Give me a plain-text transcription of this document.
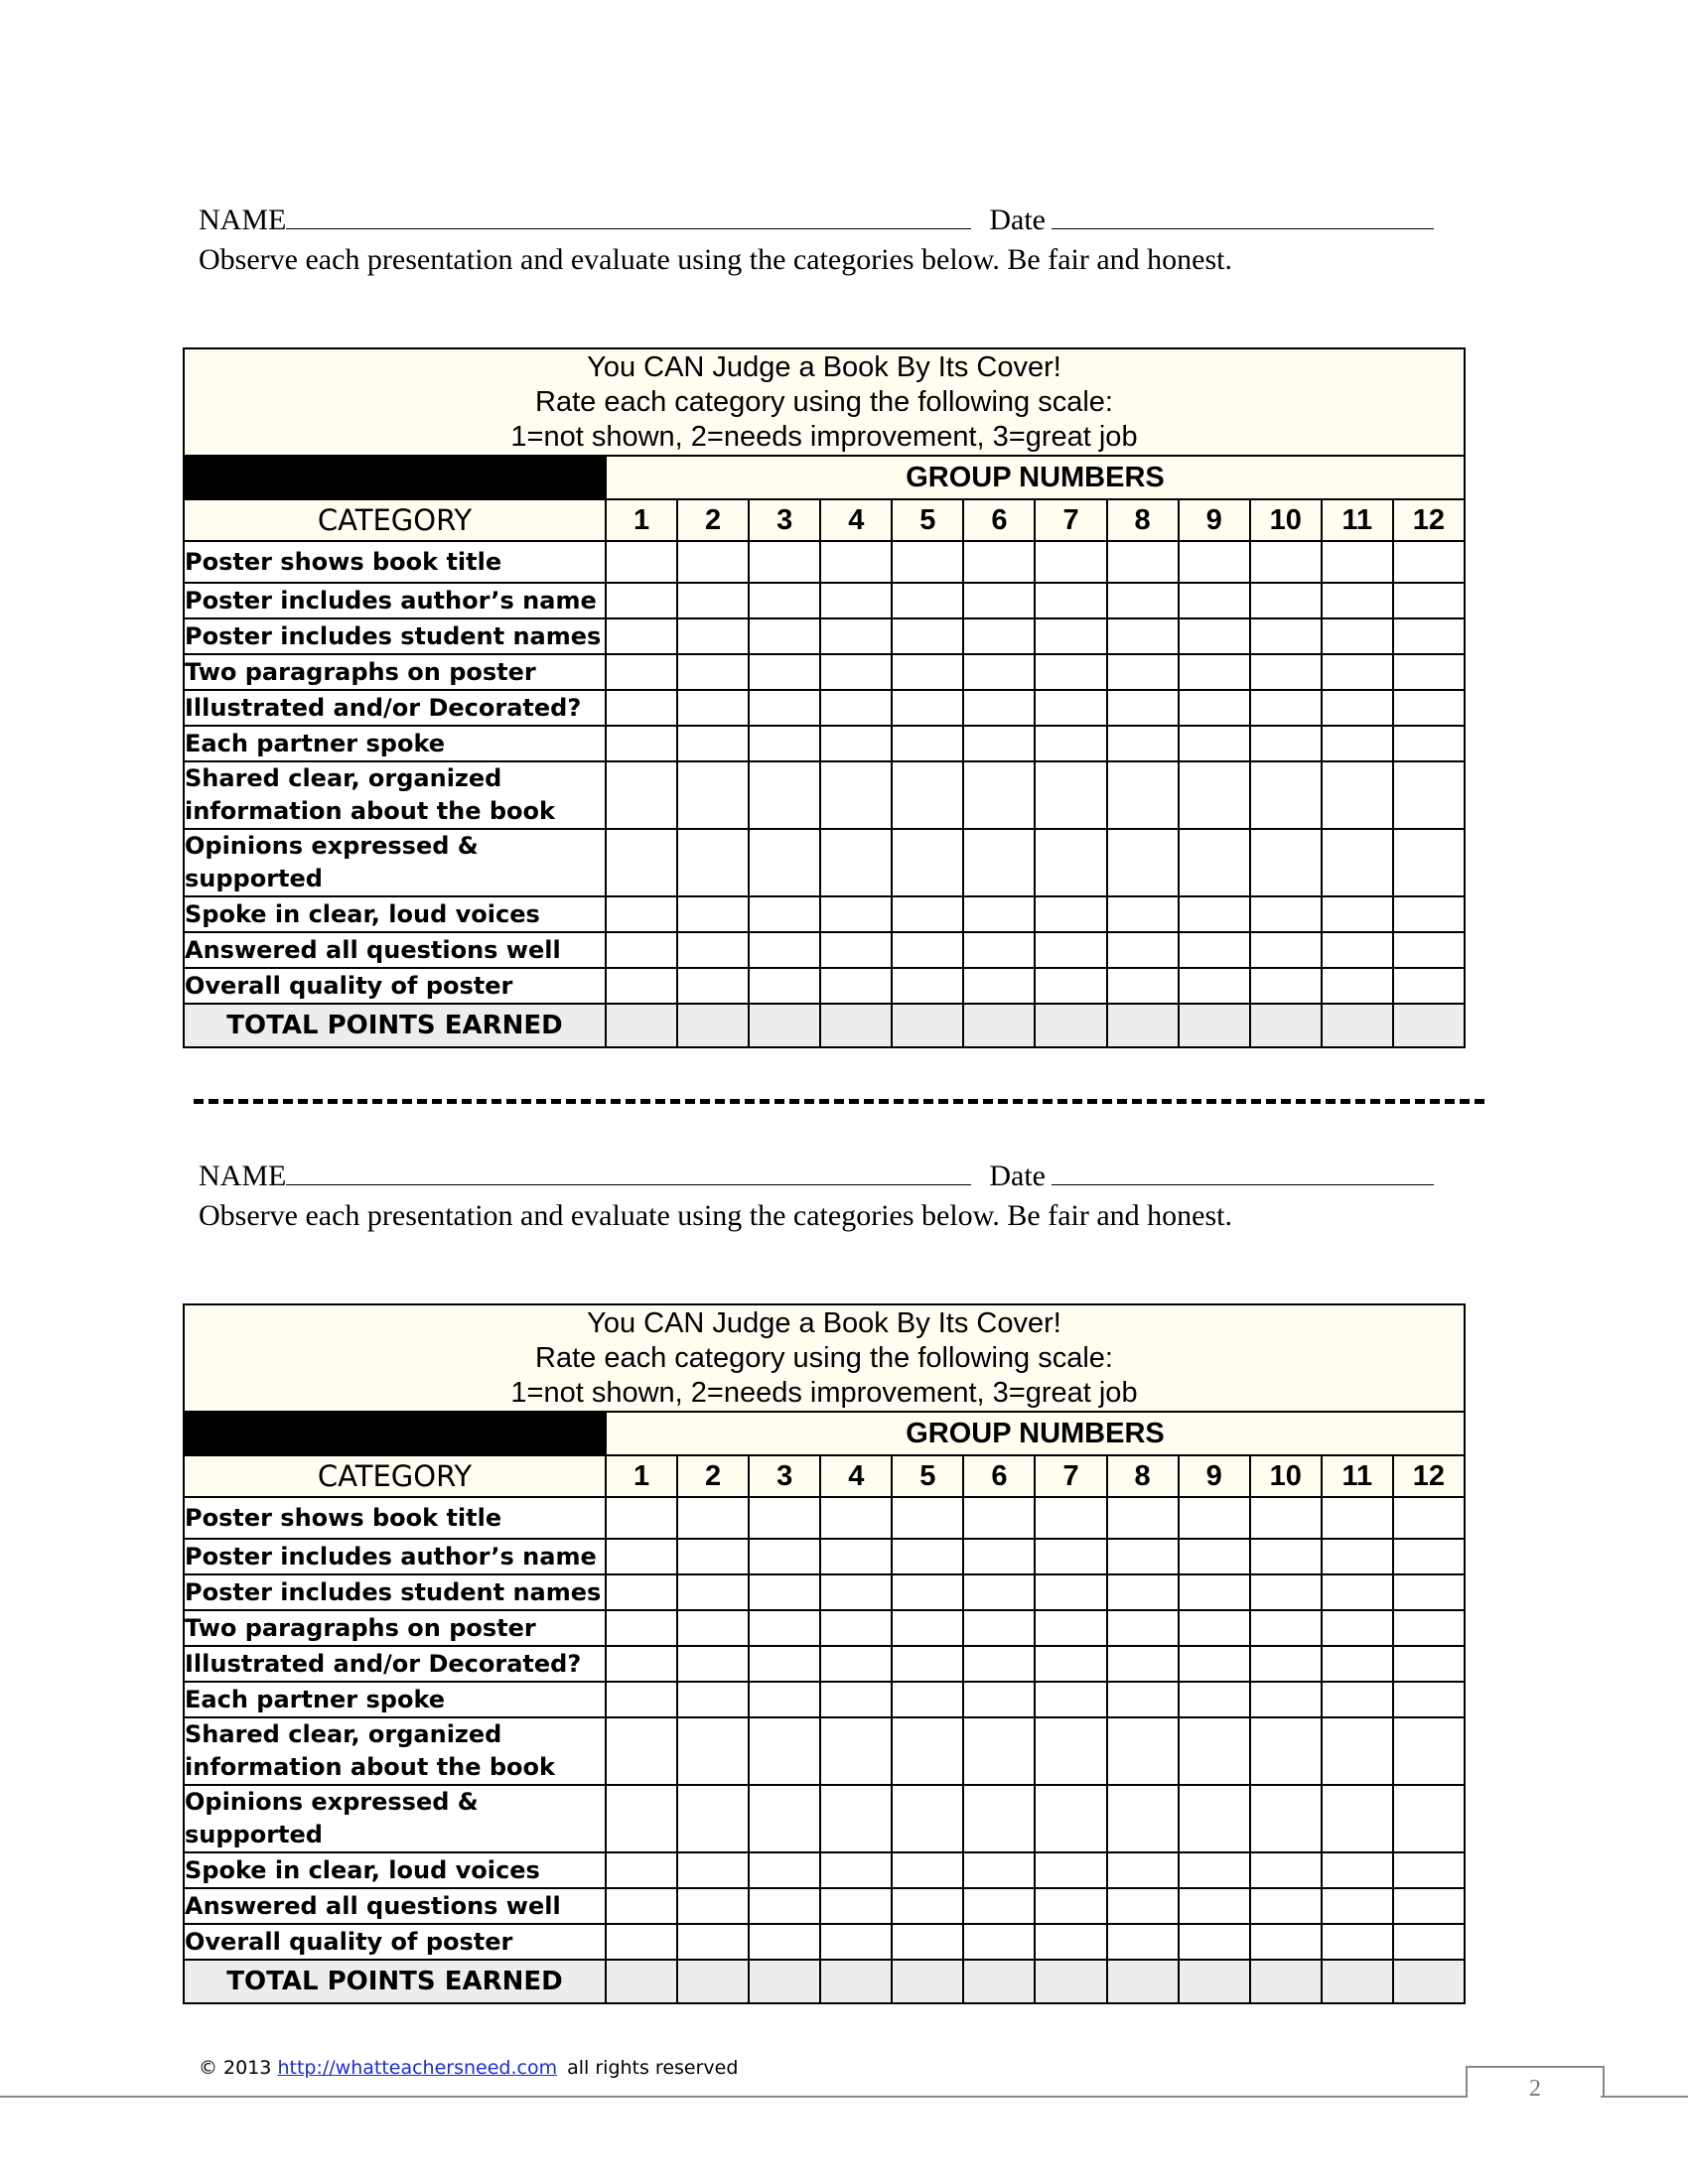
NAME	Date
Observe each presentation and evaluate using the categories below. Be fair and honest.
You CAN Judge a Book By Its Cover!
Rate each category using the following scale:
1=not shown, 2=needs improvement, 3=great job												

	GROUP NUMBERS											
CATEGORY	1	2	3	4	5	6	7	8	9	10	11	12
Poster shows book title												
Poster includes author’s name												
Poster includes student names												
Two paragraphs on poster												
Illustrated and/or Decorated?												
Each partner spoke												
Shared clear, organized
information about the book												
Opinions expressed & supported												
Spoke in clear, loud voices												
Answered all questions well												
Overall quality of poster												
TOTAL POINTS EARNED												
NAME	Date
Observe each presentation and evaluate using the categories below. Be fair and honest.
You CAN Judge a Book By Its Cover!
Rate each category using the following scale:
1=not shown, 2=needs improvement, 3=great job												

	GROUP NUMBERS											
CATEGORY	1	2	3	4	5	6	7	8	9	10	11	12
Poster shows book title												
Poster includes author’s name												
Poster includes student names												
Two paragraphs on poster												
Illustrated and/or Decorated?												
Each partner spoke												
Shared clear, organized
information about the book												
Opinions expressed & supported												
Spoke in clear, loud voices												
Answered all questions well												
Overall quality of poster												
TOTAL POINTS EARNED												
© 2013 http://whatteachersneed.com all rights reserved
2
